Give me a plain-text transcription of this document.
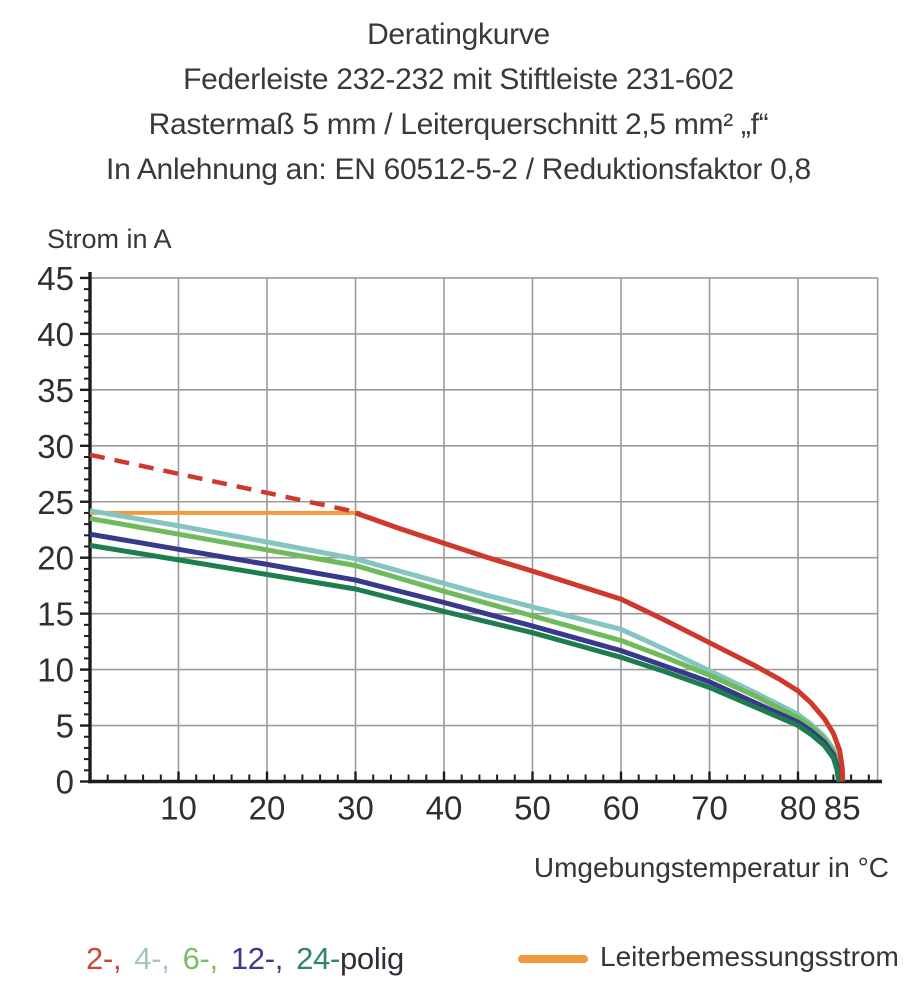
Deratingkurve
Federleiste 232-232 mit Stiftleiste 231-602
Rastermaß 5 mm / Leiterquerschnitt 2,5 mm² „f“
In Anlehnung an: EN 60512-5-2 / Reduktionsfaktor 0,8
Strom in A
10 20 30 40 50 60 70 80 85
0
5
10
15
20
25
30
35
40
45
Umgebungstemperatur in °C
2-, 4-, 6-, 12-, 24-polig	Leiterbemessungsstrom
